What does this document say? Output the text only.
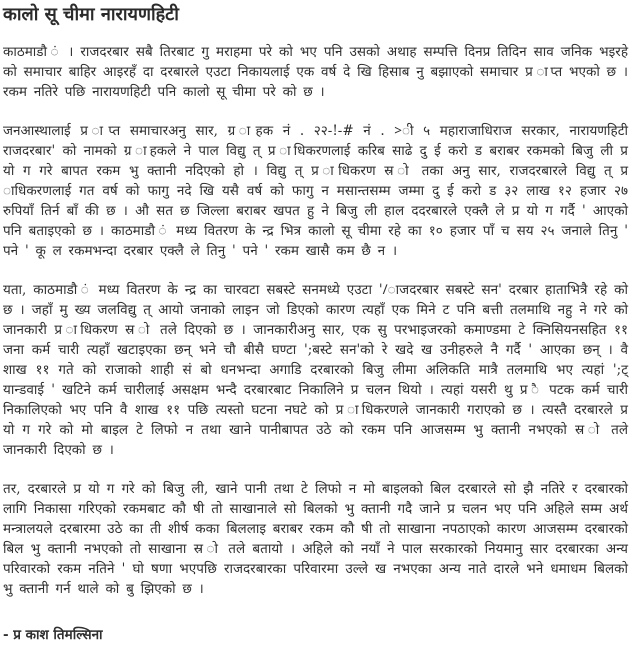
कालो सू चीमा नारायणहिटी

काठमाडौ ं । राजदरबार सबै तिरबाट गु मराहमा परे को भए पनि उसको अथाह सम्पत्ति दिनप्र तिदिन साव जनिक भइरहे को समाचार बाहिर आइरहँ दा दरबारले एउटा निकायलाई एक वर्ष दे खि हिसाब नु बझाएको समाचार प्र ाप्त भएको छ । रकम नतिरे पछि नारायणहिटी पनि कालो सू चीमा परे को छ ।

जनआस्थालाई प्र ाप्त समाचारअनु सार, ग्र ाहक नं . २२-!-# नं . >ी ५ महाराजाधिराज सरकार, नारायणहिटी राजदरबार' को नामको ग्र ाहकले ने पाल विद्यु त् प्र ाधिकरणलाई करिब साढे दु ई करो ड बराबर रकमको बिजु ली प्र यो ग गरे बापत रकम भु क्तानी नदिएको हो । विद्यु त् प्र ाधिकरण स्र ो तका अनु सार, राजदरबारले विद्यु त् प्र ाधिकरणलाई गत वर्ष को फागु नदे खि यसै वर्ष को फागु न मसान्तसम्म जम्मा दु ई करो ड ३२ लाख १२ हजार २७ रुपियाँ तिर्न बाँ की छ । औ सत छ जिल्ला बराबर खपत हु ने बिजु ली हाल ददरबारले एक्लै ले प्र यो ग गर्दै ' आएको पनि बताइएको छ । काठमाडौ ं मध्य वितरण के न्द्र भित्र कालो सू चीमा रहे का १० हजार पाँ च सय २५ जनाले तिनु ' पने ' कू ल रकमभन्दा दरबार एक्लै ले तिनु ' पने ' रकम खासै कम छै न ।

यता, काठमाडौ ं मध्य वितरण के न्द्र का चारवटा सबस्टे सनमध्ये एउटा '/ाजदरबार सबस्टे सन' दरबार हाताभित्रै रहे को छ । जहाँ मु ख्य जलविद्यु त् आयो जनाको लाइन जो डिएको कारण त्यहाँ एक मिने ट पनि बत्ती तलमाथि नहु ने गरे को जानकारी प्र ाधिकरण स्र ो तले दिएको छ । जानकारीअनु सार, एक सु परभाइजरको कमाण्डमा टे क्निसियनसहित ११ जना कर्म चारी त्यहाँ खटाइएका छन् भने चौ बीसै घण्टा ';बस्टे सन'को रे खदे ख उनीहरुले नै गर्दै ' आएका छन् । वै शाख ११ गते को राजाको शाही सं बो धनभन्दा अगाडि दरबारको बिजु लीमा अलिकति मात्रै तलमाथि भए त्यहां ';ट् यान्डवाई ' खटिने कर्म चारीलाई असक्षम भन्दै दरबारबाट निकालिने प्र चलन थियो । त्यहां यसरी थु प्र ै पटक कर्म चारी निकालिएको भए पनि वै शाख ११ पछि त्यस्तो घटना नघटे को प्र ाधिकरणले जानकारी गराएको छ । त्यस्तै दरबारले प्र यो ग गरे को मो बाइल टे लिफो न तथा खाने पानीबापत उठे को रकम पनि आजसम्म भु क्तानी नभएको स्र ो तले जानकारी दिएको छ ।

तर, दरबारले प्र यो ग गरे को बिजु ली, खाने पानी तथा टे लिफो न मो बाइलको बिल दरबारले सो झै नतिरे र दरबारको लागि निकासा गरिएको रकमबाट कौ षी तो साखानाले सो बिलको भु क्तानी गदै जाने प्र चलन भए पनि अहिले सम्म अर्थ मन्त्रालयले दरबारमा उठे का ती शीर्ष कका बिललाइ बराबर रकम कौ षी तो साखाना नपठाएको कारण आजसम्म दरबारको बिल भु क्तानी नभएको तो साखाना स्र ो तले बतायो । अहिले को नयाँ ने पाल सरकारको नियमानु सार दरबारका अन्य परिवारको रकम नतिने ' घो षणा भएपछि राजदरबारका परिवारमा उल्ले ख नभएका अन्य नाते दारले भने धमाधम बिलको भु क्तानी गर्न थाले को बु झिएको छ ।

- प्र काश तिमल्सिना
